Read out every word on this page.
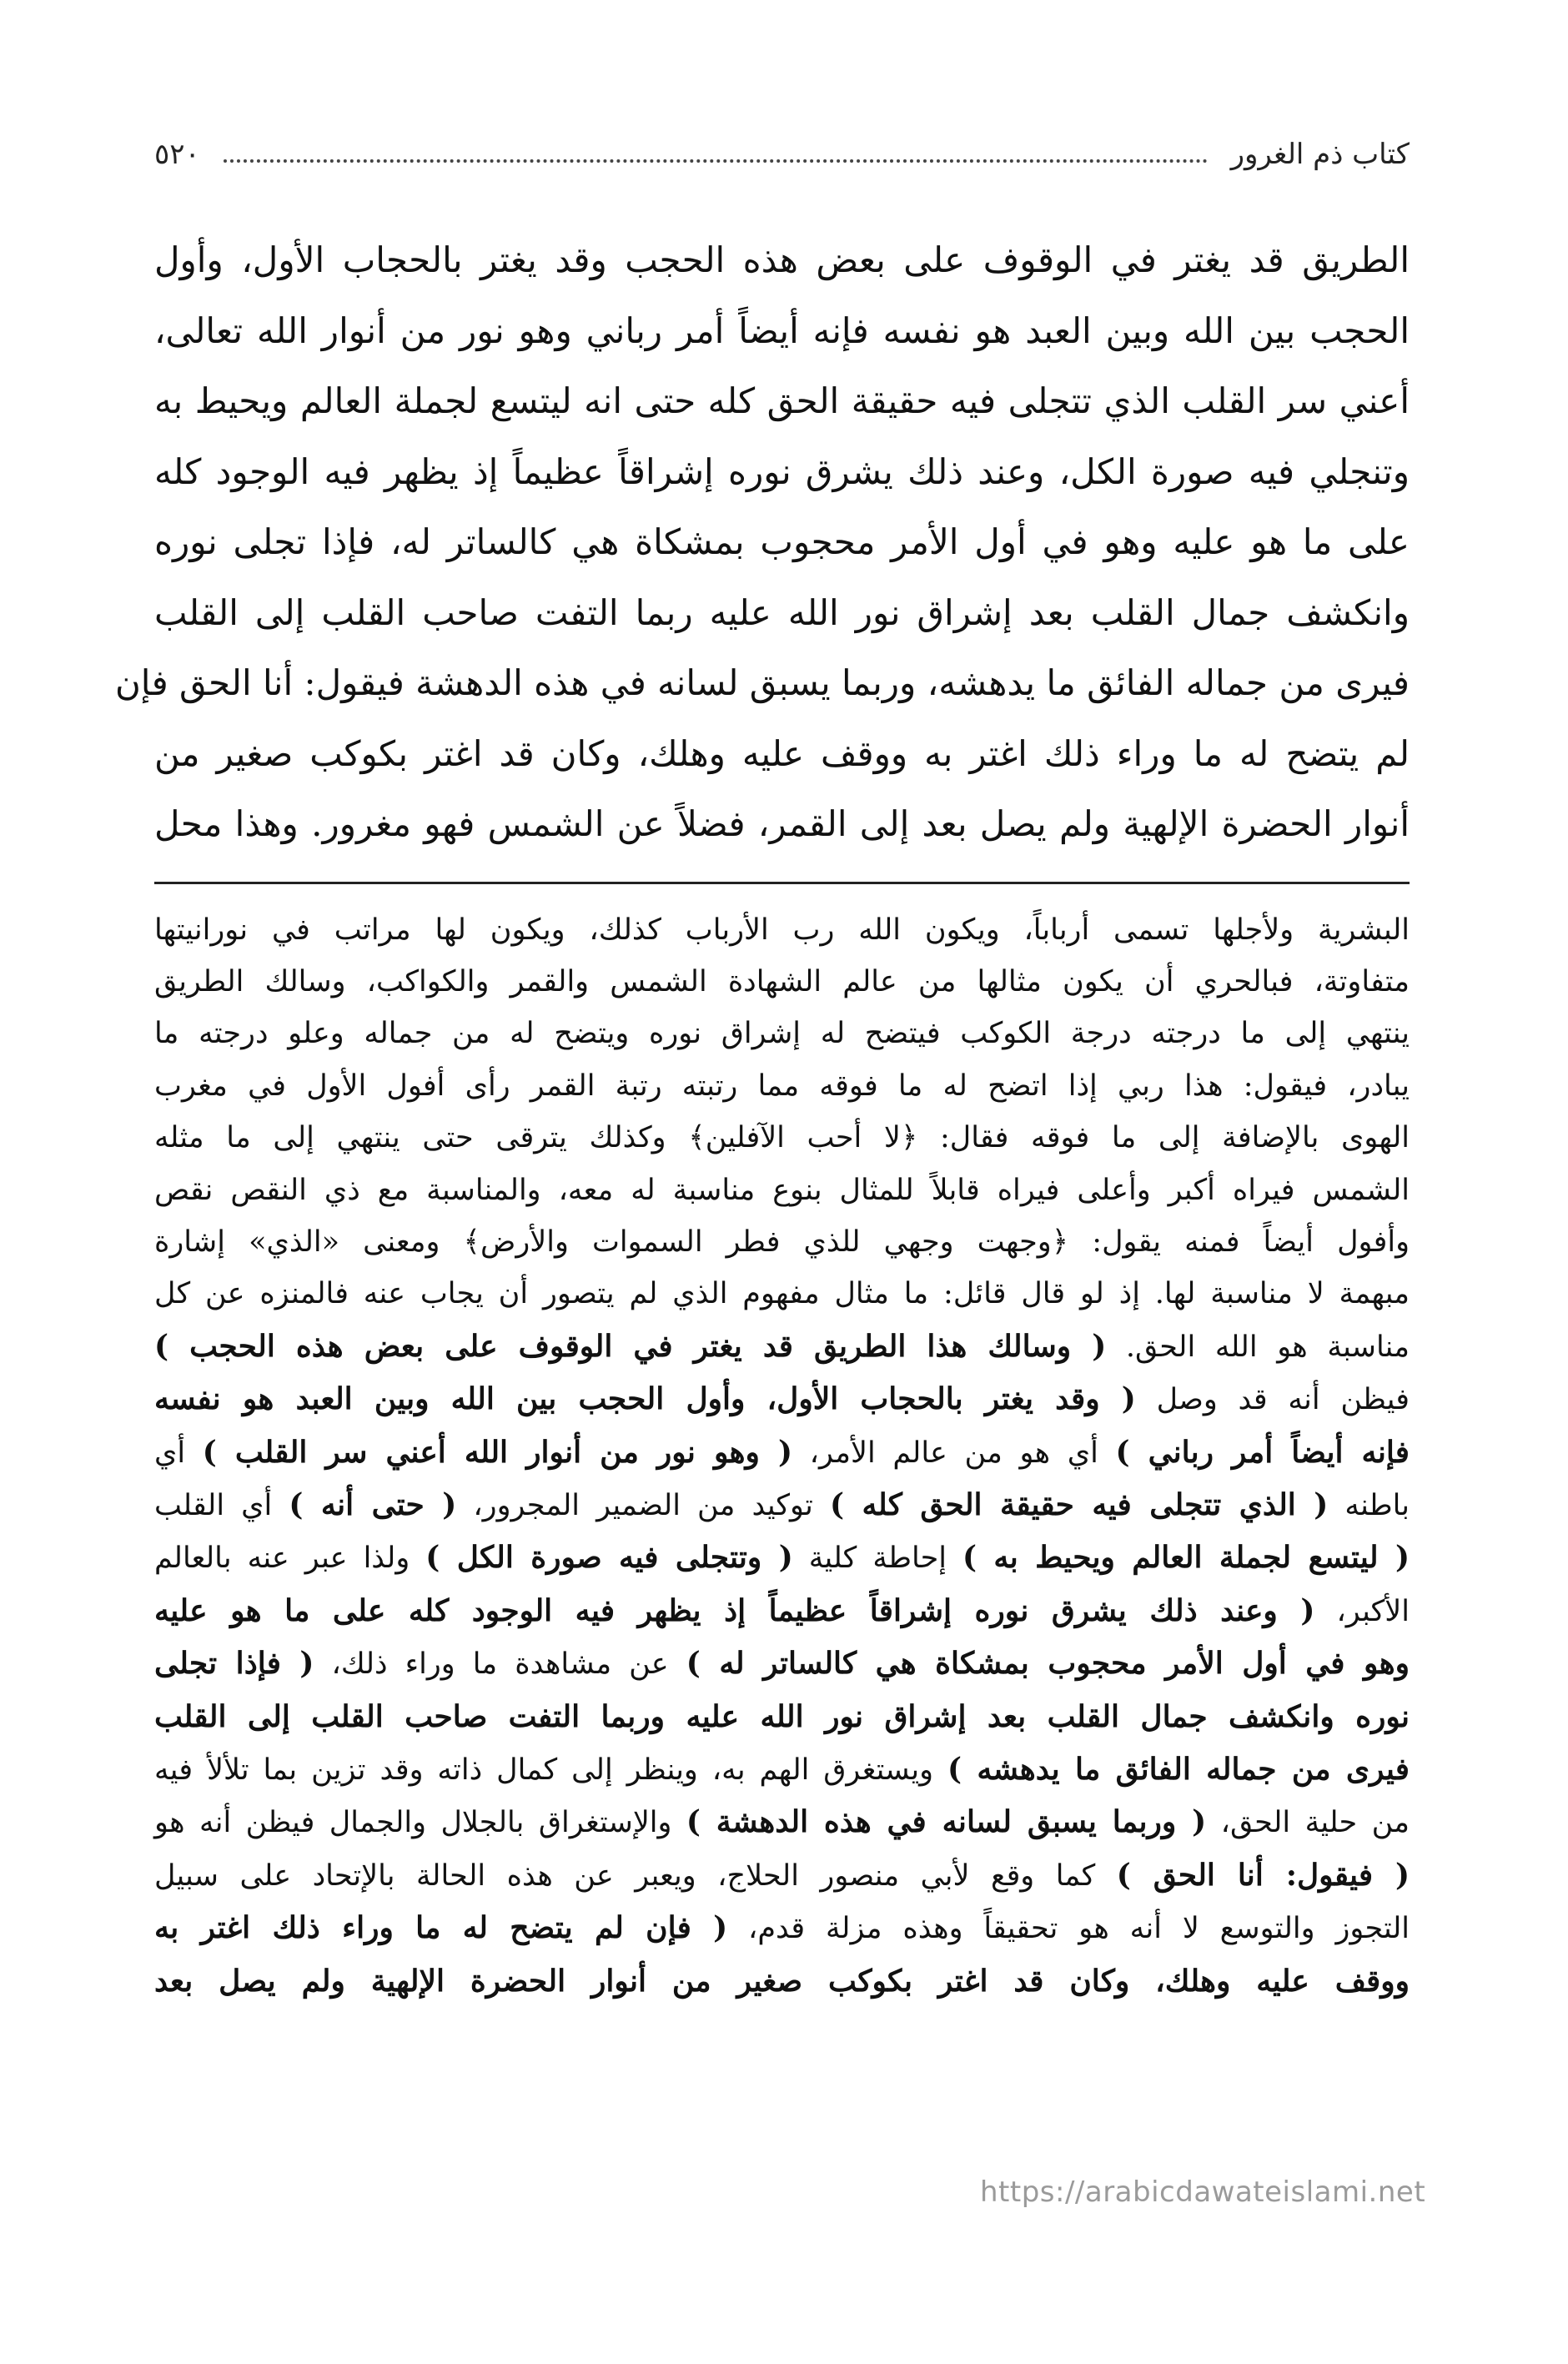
كتاب ذم الغرور
٥٢٠

الطريق قد يغتر في الوقوف على بعض هذه الحجب وقد يغتر بالحجاب الأول، وأول

الحجب بين الله وبين العبد هو نفسه فإنه أيضاً أمر رباني وهو نور من أنوار الله تعالى،

أعني سر القلب الذي تتجلى فيه حقيقة الحق كله حتى انه ليتسع لجملة العالم ويحيط به

وتنجلي فيه صورة الكل، وعند ذلك يشرق نوره إشراقاً عظيماً إذ يظهر فيه الوجود كله

على ما هو عليه وهو في أول الأمر محجوب بمشكاة هي كالساتر له، فإذا تجلى نوره

وانكشف جمال القلب بعد إشراق نور الله عليه ربما التفت صاحب القلب إلى القلب

فيرى من جماله الفائق ما يدهشه، وربما يسبق لسانه في هذه الدهشة فيقول: أنا الحق فإن

لم يتضح له ما وراء ذلك اغتر به ووقف عليه وهلك، وكان قد اغتر بكوكب صغير من

أنوار الحضرة الإلهية ولم يصل بعد إلى القمر، فضلاً عن الشمس فهو مغرور. وهذا محل

البشرية ولأجلها تسمى أرباباً، ويكون الله رب الأرباب كذلك، ويكون لها مراتب في نورانيتها

متفاوتة، فبالحري أن يكون مثالها من عالم الشهادة الشمس والقمر والكواكب، وسالك الطريق

ينتهي إلى ما درجته درجة الكوكب فيتضح له إشراق نوره ويتضح له من جماله وعلو درجته ما

يبادر، فيقول: هذا ربي إذا اتضح له ما فوقه مما رتبته رتبة القمر رأى أفول الأول في مغرب

الهوى بالإضافة إلى ما فوقه فقال: ﴿لا أحب الآفلين﴾ وكذلك يترقى حتى ينتهي إلى ما مثله

الشمس فيراه أكبر وأعلى فيراه قابلاً للمثال بنوع مناسبة له معه، والمناسبة مع ذي النقص نقص

وأفول أيضاً فمنه يقول: ﴿وجهت وجهي للذي فطر السموات والأرض﴾ ومعنى «الذي» إشارة

مبهمة لا مناسبة لها. إذ لو قال قائل: ما مثال مفهوم الذي لم يتصور أن يجاب عنه فالمنزه عن كل

مناسبة هو الله الحق. ( وسالك هذا الطريق قد يغتر في الوقوف على بعض هذه الحجب )

فيظن أنه قد وصل ( وقد يغتر بالحجاب الأول، وأول الحجب بين الله وبين العبد هو نفسه

فإنه أيضاً أمر رباني ) أي هو من عالم الأمر، ( وهو نور من أنوار الله أعني سر القلب ) أي

باطنه ( الذي تتجلى فيه حقيقة الحق كله ) توكيد من الضمير المجرور، ( حتى أنه ) أي القلب

( ليتسع لجملة العالم ويحيط به ) إحاطة كلية ( وتتجلى فيه صورة الكل ) ولذا عبر عنه بالعالم

الأكبر، ( وعند ذلك يشرق نوره إشراقاً عظيماً إذ يظهر فيه الوجود كله على ما هو عليه

وهو في أول الأمر محجوب بمشكاة هي كالساتر له ) عن مشاهدة ما وراء ذلك، ( فإذا تجلى

نوره وانكشف جمال القلب بعد إشراق نور الله عليه وربما التفت صاحب القلب إلى القلب

فيرى من جماله الفائق ما يدهشه ) ويستغرق الهم به، وينظر إلى كمال ذاته وقد تزين بما تلألأ فيه

من حلية الحق، ( وربما يسبق لسانه في هذه الدهشة ) والإستغراق بالجلال والجمال فيظن أنه هو

( فيقول: أنا الحق ) كما وقع لأبي منصور الحلاج، ويعبر عن هذه الحالة بالإتحاد على سبيل

التجوز والتوسع لا أنه هو تحقيقاً وهذه مزلة قدم، ( فإن لم يتضح له ما وراء ذلك اغتر به

ووقف عليه وهلك، وكان قد اغتر بكوكب صغير من أنوار الحضرة الإلهية ولم يصل بعد

https://arabicdawateislami.net
